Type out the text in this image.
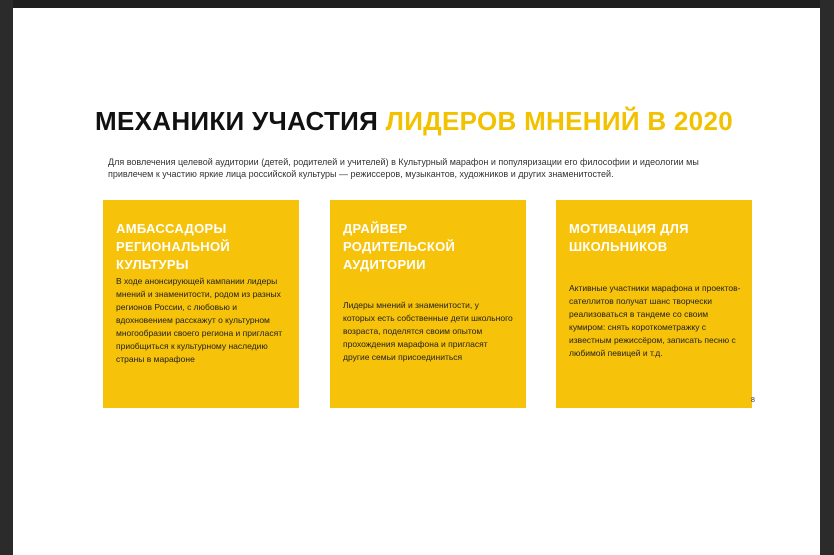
МЕХАНИКИ УЧАСТИЯ ЛИДЕРОВ МНЕНИЙ В 2020
Для вовлечения целевой аудитории (детей, родителей и учителей) в Культурный марафон и популяризации его философии и идеологии мы привлечем к участию яркие лица российской культуры — режиссеров, музыкантов, художников и других знаменитостей.
АМБАССАДОРЫ РЕГИОНАЛЬНОЙ КУЛЬТУРЫ
В ходе анонсирующей кампании лидеры мнений и знаменитости, родом из разных регионов России, с любовью и вдохновением расскажут о культурном многообразии своего региона и пригласят приобщиться к культурному наследию страны в марафоне
ДРАЙВЕР РОДИТЕЛЬСКОЙ АУДИТОРИИ
Лидеры мнений и знаменитости, у которых есть собственные дети школьного возраста, поделятся своим опытом прохождения марафона и пригласят другие семьи присоединиться
МОТИВАЦИЯ ДЛЯ ШКОЛЬНИКОВ
Активные участники марафона и проектов-сателлитов получат шанс творчески реализоваться в тандеме со своим кумиром: снять короткометражку с известным режиссёром, записать песню с любимой певицей и т.д.
8
